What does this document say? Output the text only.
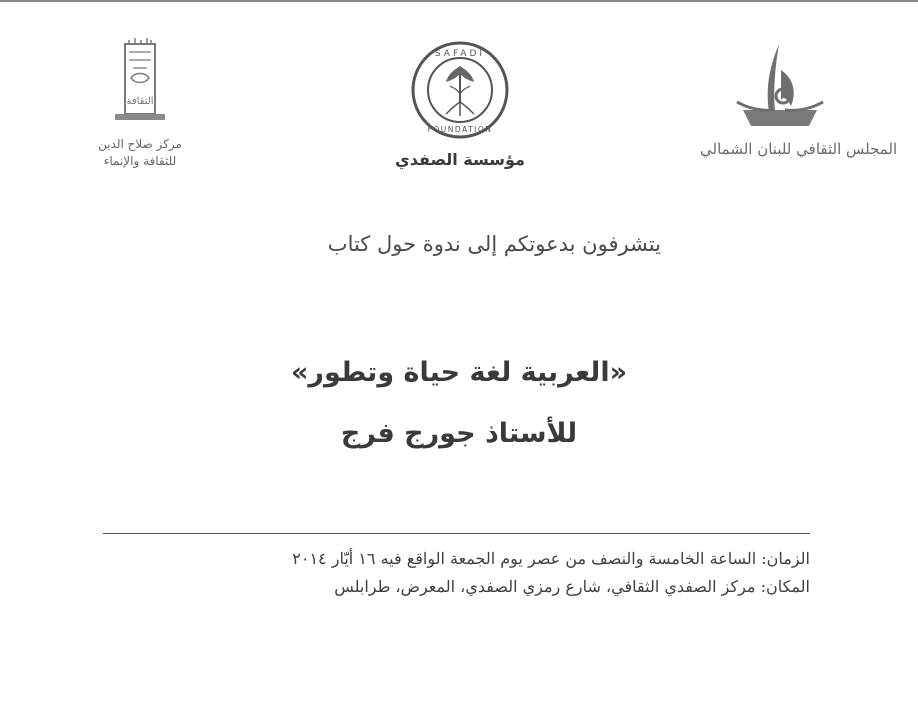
المجلس الثقافي للبنان الشمالي
SAFADI
FOUNDATION
مؤسسة الصفدي
الثقافة
مركز صلاح الدين
للثقافة والإنماء
يتشرفون بدعوتكم إلى ندوة حول كتاب
«العربية لغة حياة وتطور»
للأستاذ جورج فرج
الزمان: الساعة الخامسة والنصف من عصر يوم الجمعة الواقع فيه ١٦ أيّار ٢٠١٤
المكان: مركز الصفدي الثقافي، شارع رمزي الصفدي، المعرض، طرابلس
